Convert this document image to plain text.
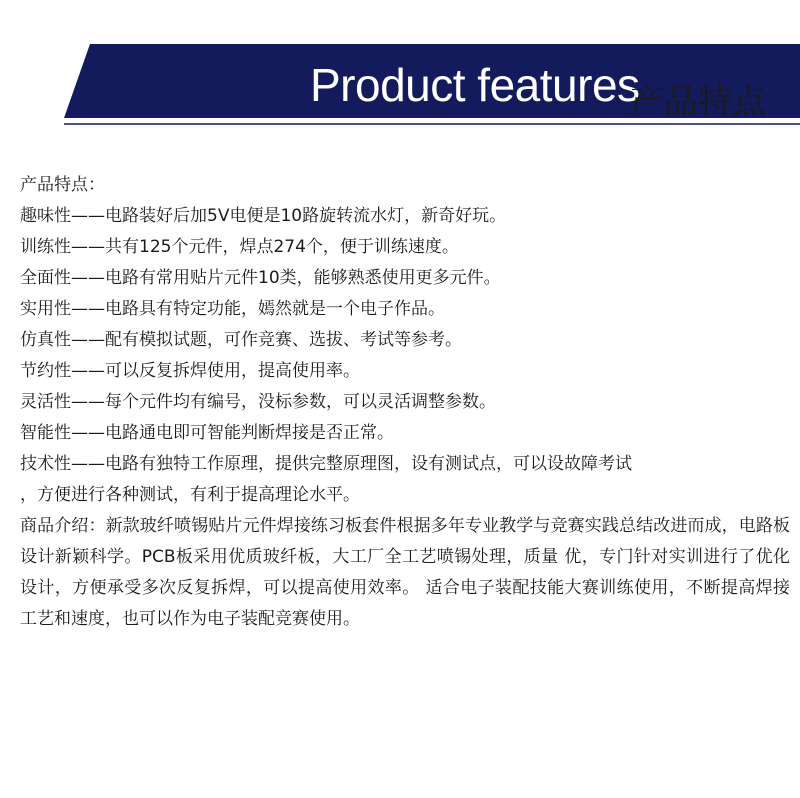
Product features
产品特点
产品特点：
趣味性——电路装好后加5V电便是10路旋转流水灯，新奇好玩。
训练性——共有125个元件，焊点274个，便于训练速度。
全面性——电路有常用贴片元件10类，能够熟悉使用更多元件。
实用性——电路具有特定功能，嫣然就是一个电子作品。
仿真性——配有模拟试题，可作竞赛、选拔、考试等参考。
节约性——可以反复拆焊使用，提高使用率。
灵活性——每个元件均有编号，没标参数，可以灵活调整参数。
智能性——电路通电即可智能判断焊接是否正常。
技术性——电路有独特工作原理，提供完整原理图，设有测试点，可以设故障考试
，方便进行各种测试，有利于提高理论水平。
商品介绍：新款玻纤喷锡贴片元件焊接练习板套件根据多年专业教学与竞赛实践总结改进而成，电路板设计新颖科学。PCB板采用优质玻纤板，大工厂全工艺喷锡处理，质量 优，专门针对实训进行了优化设计，方便承受多次反复拆焊，可以提高使用效率。 适合电子装配技能大赛训练使用，不断提高焊接工艺和速度，也可以作为电子装配竞赛使用。
